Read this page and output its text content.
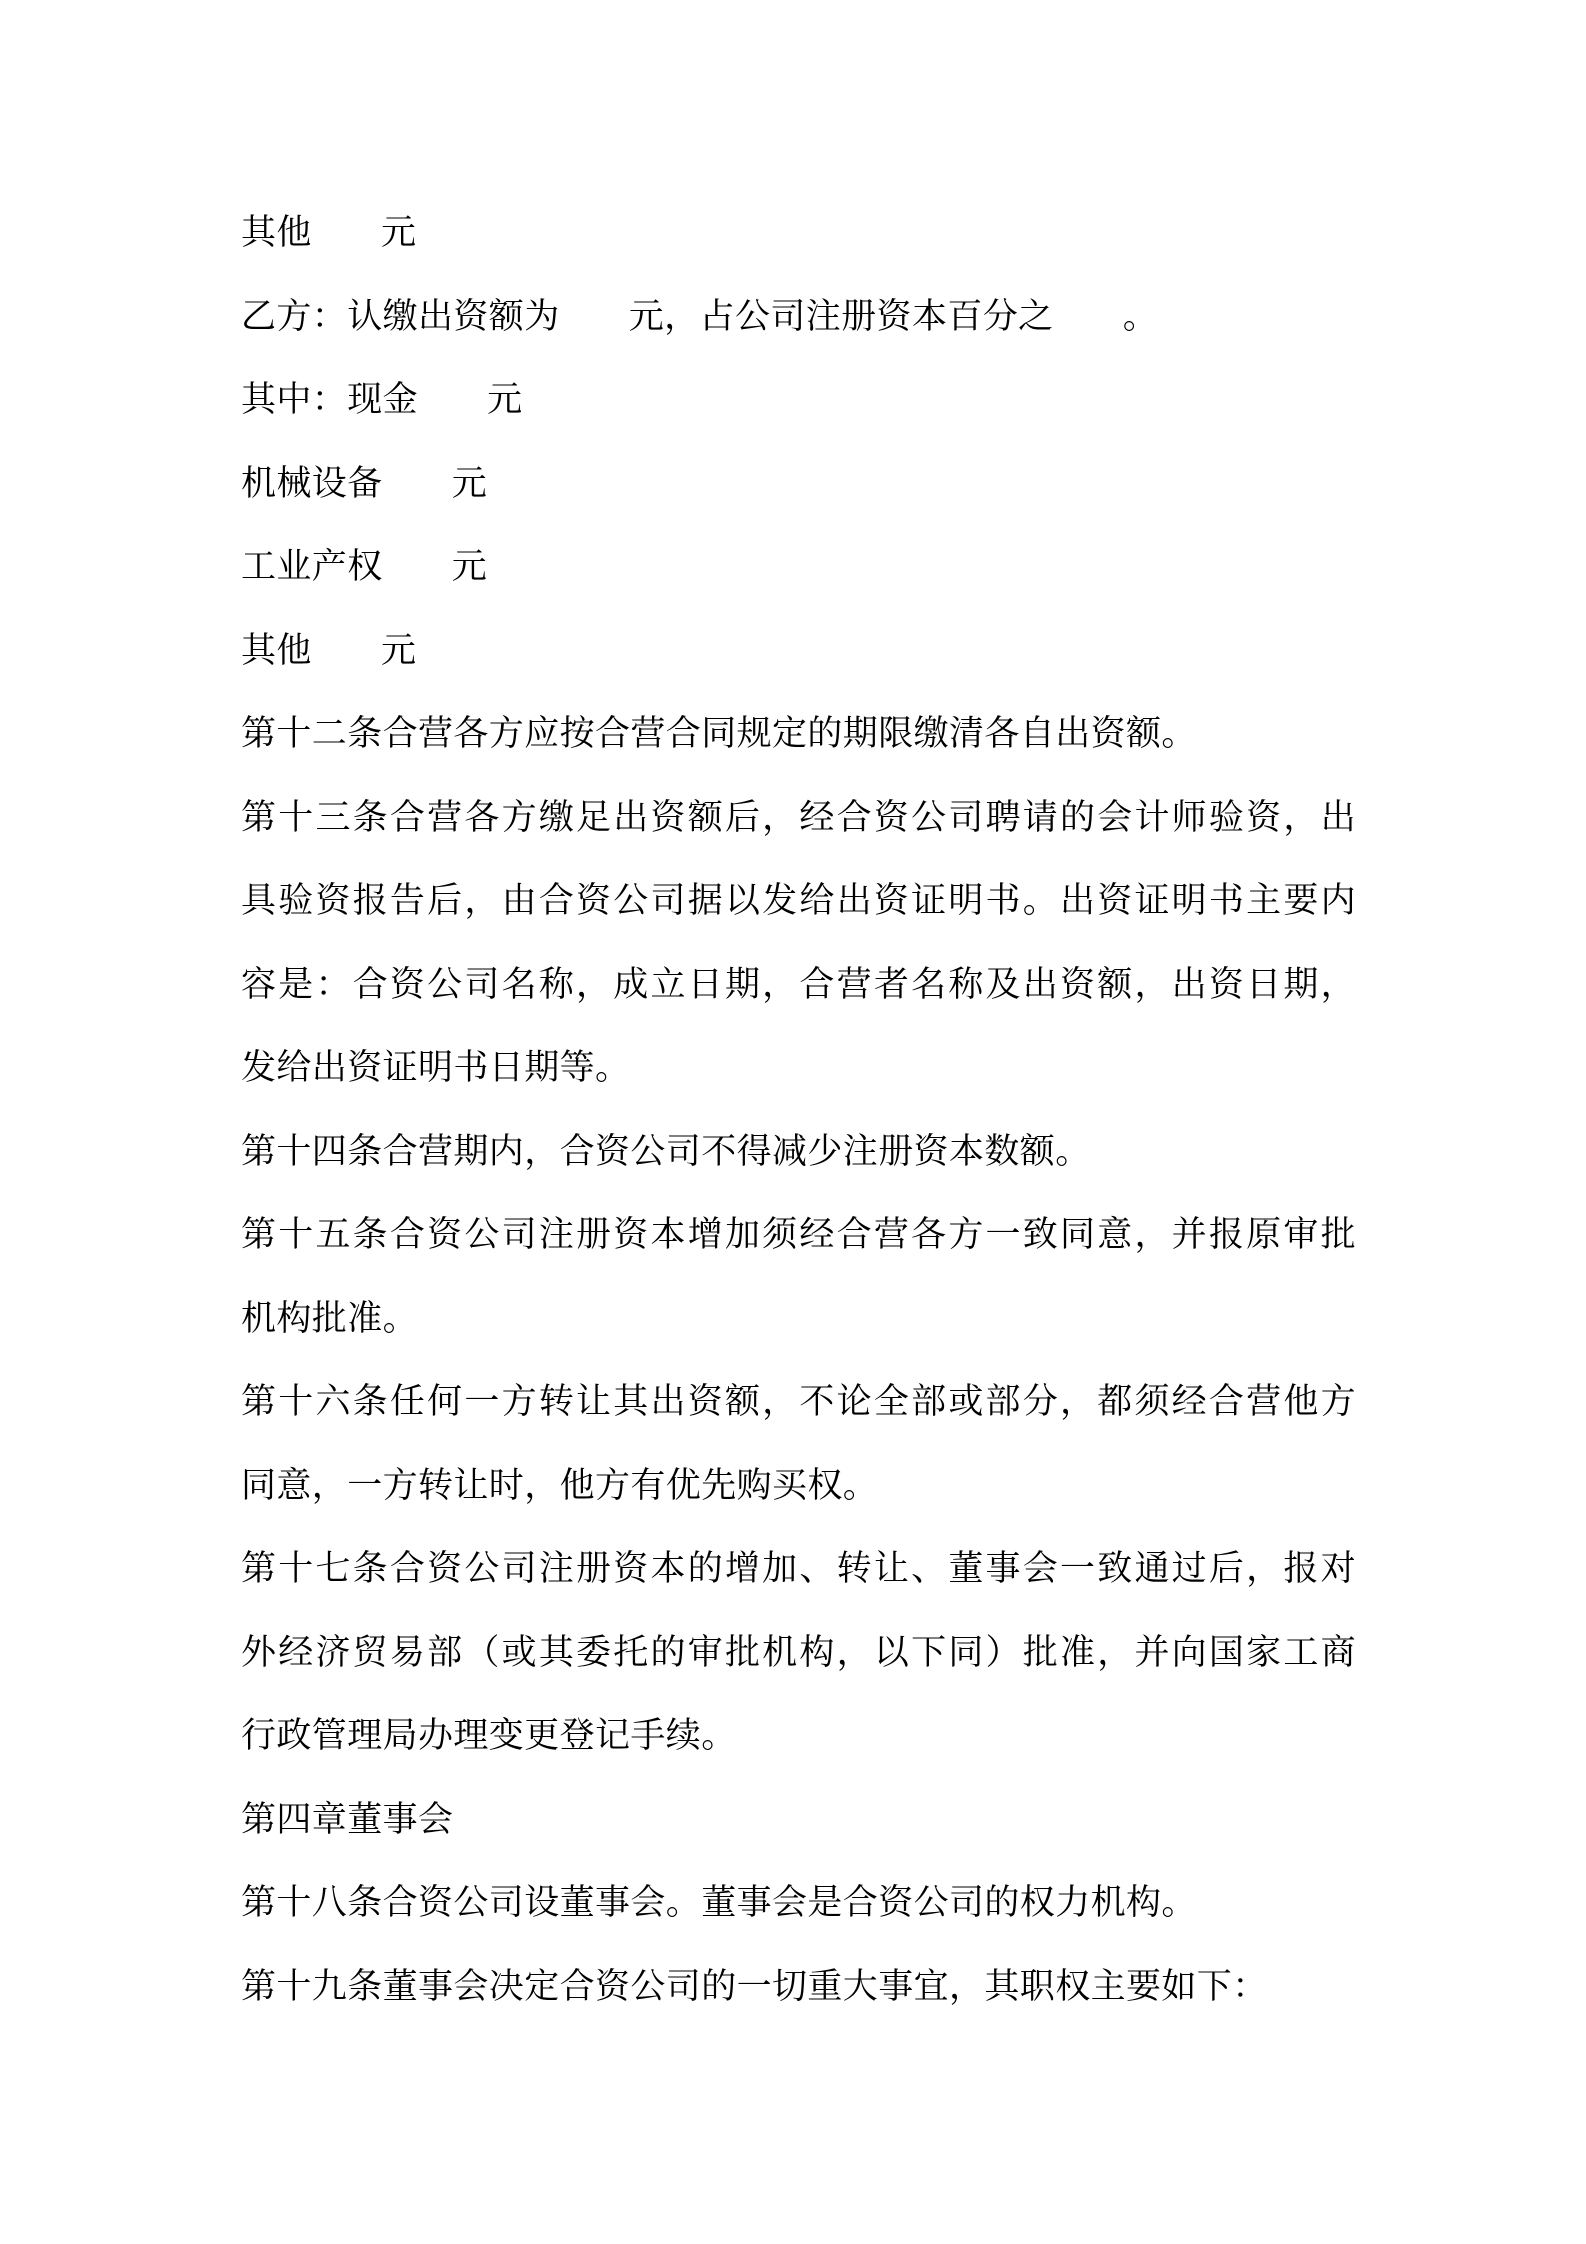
其他      元
乙方：认缴出资额为      元，占公司注册资本百分之      。
其中：现金      元
机械设备      元
工业产权      元
其他      元
第十二条合营各方应按合营合同规定的期限缴清各自出资额。
第十三条合营各方缴足出资额后，经合资公司聘请的会计师验资，出
具验资报告后，由合资公司据以发给出资证明书。出资证明书主要内
容是：合资公司名称，成立日期，合营者名称及出资额，出资日期，
发给出资证明书日期等。
第十四条合营期内，合资公司不得减少注册资本数额。
第十五条合资公司注册资本增加须经合营各方一致同意，并报原审批
机构批准。
第十六条任何一方转让其出资额，不论全部或部分，都须经合营他方
同意，一方转让时，他方有优先购买权。
第十七条合资公司注册资本的增加、转让、董事会一致通过后，报对
外经济贸易部（或其委托的审批机构，以下同）批准，并向国家工商
行政管理局办理变更登记手续。
第四章董事会
第十八条合资公司设董事会。董事会是合资公司的权力机构。
第十九条董事会决定合资公司的一切重大事宜，其职权主要如下：
